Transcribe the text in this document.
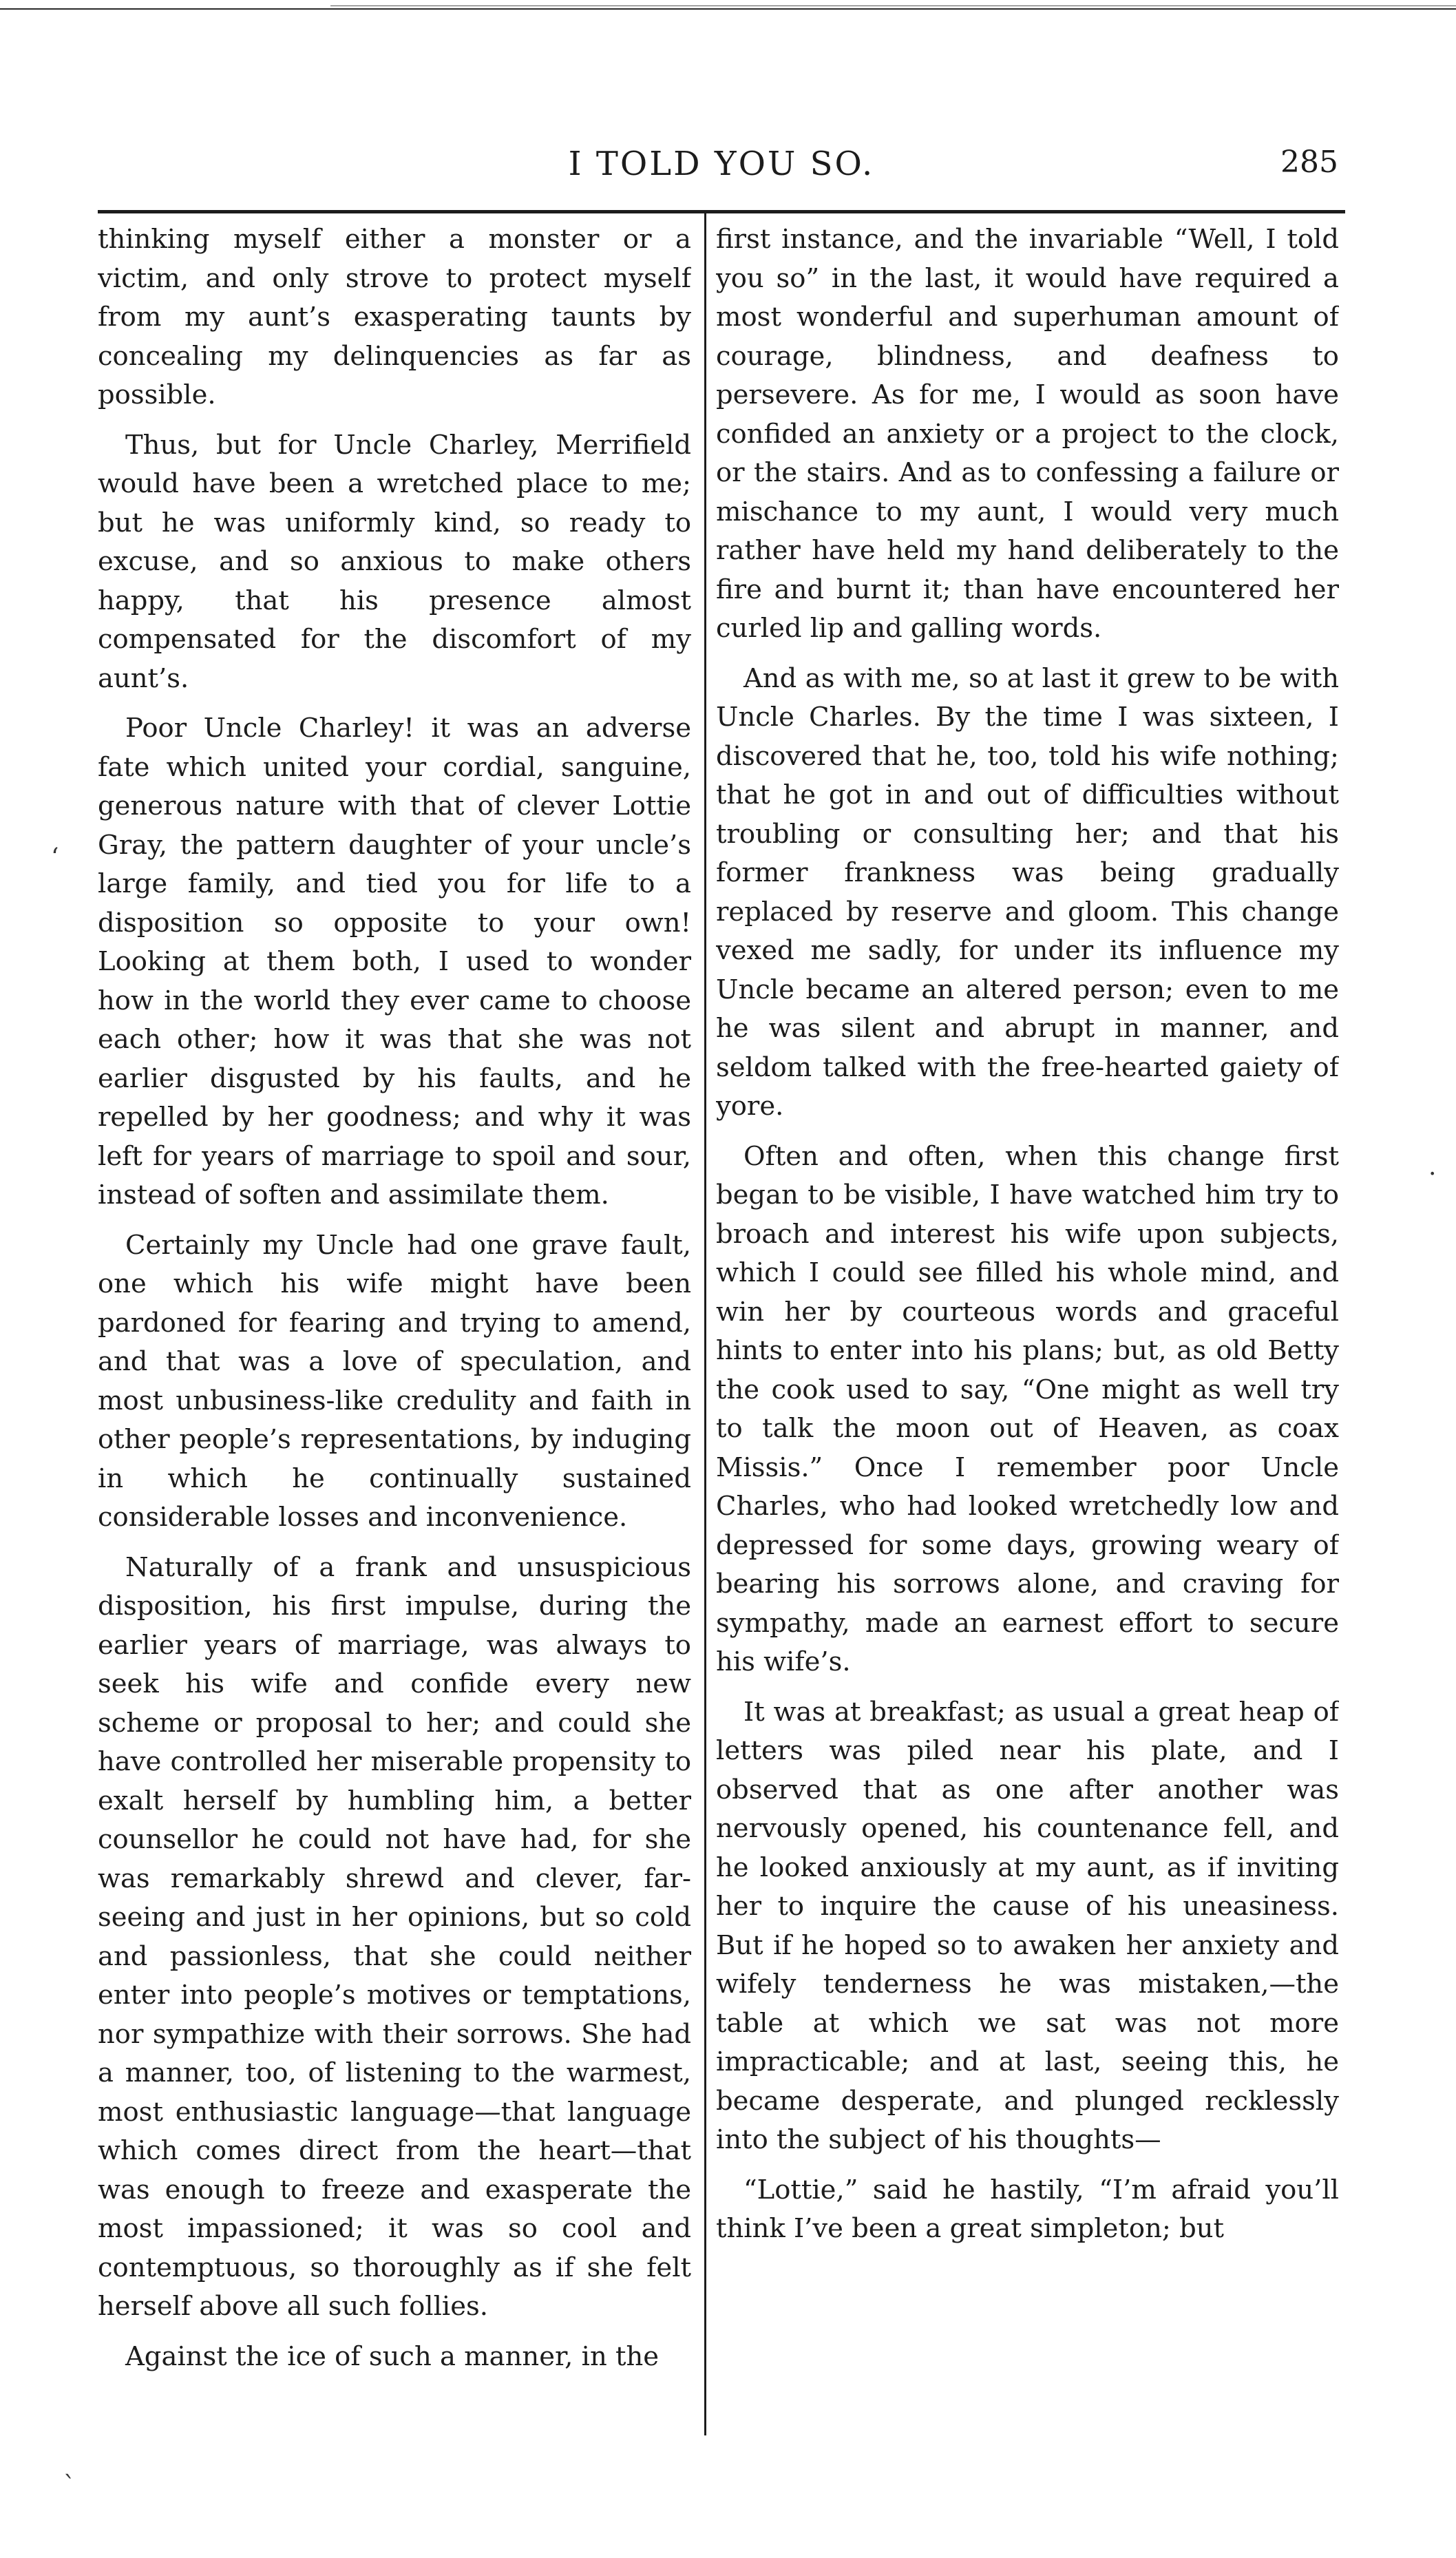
I TOLD YOU SO.	285

thinking myself either a monster or a victim, and only strove to protect myself from my aunt’s exasperating taunts by concealing my delinquencies as far as possible.

Thus, but for Uncle Charley, Merrifield would have been a wretched place to me; but he was uniformly kind, so ready to excuse, and so anxious to make others happy, that his presence almost compensated for the discomfort of my aunt’s.

Poor Uncle Charley! it was an adverse fate which united your cordial, sanguine, generous nature with that of clever Lottie Gray, the pattern daughter of your uncle’s large family, and tied you for life to a disposition so opposite to your own! Looking at them both, I used to wonder how in the world they ever came to choose each other; how it was that she was not earlier disgusted by his faults, and he repelled by her goodness; and why it was left for years of marriage to spoil and sour, instead of soften and assimilate them.

Certainly my Uncle had one grave fault, one which his wife might have been pardoned for fearing and trying to amend, and that was a love of speculation, and most unbusiness-like credulity and faith in other people’s representations, by induging in which he continually sustained considerable losses and inconvenience.

Naturally of a frank and unsuspicious disposition, his first impulse, during the earlier years of marriage, was always to seek his wife and confide every new scheme or proposal to her; and could she have controlled her miserable propensity to exalt herself by humbling him, a better counsellor he could not have had, for she was remarkably shrewd and clever, far-seeing and just in her opinions, but so cold and passionless, that she could neither enter into people’s motives or temptations, nor sympathize with their sorrows. She had a manner, too, of listening to the warmest, most enthusiastic language—that language which comes direct from the heart—that was enough to freeze and exasperate the most impassioned; it was so cool and contemptuous, so thoroughly as if she felt herself above all such follies.

Against the ice of such a manner, in the

first instance, and the invariable “Well, I told you so” in the last, it would have required a most wonderful and superhuman amount of courage, blindness, and deafness to persevere. As for me, I would as soon have confided an anxiety or a project to the clock, or the stairs. And as to confessing a failure or mischance to my aunt, I would very much rather have held my hand deliberately to the fire and burnt it; than have encountered her curled lip and galling words.

And as with me, so at last it grew to be with Uncle Charles. By the time I was sixteen, I discovered that he, too, told his wife nothing; that he got in and out of difficulties without troubling or consulting her; and that his former frankness was being gradually replaced by reserve and gloom. This change vexed me sadly, for under its influence my Uncle became an altered person; even to me he was silent and abrupt in manner, and seldom talked with the free-hearted gaiety of yore.

Often and often, when this change first began to be visible, I have watched him try to broach and interest his wife upon subjects, which I could see filled his whole mind, and win her by courteous words and graceful hints to enter into his plans; but, as old Betty the cook used to say, “One might as well try to talk the moon out of Heaven, as coax Missis.” Once I remember poor Uncle Charles, who had looked wretchedly low and depressed for some days, growing weary of bearing his sorrows alone, and craving for sympathy, made an earnest effort to secure his wife’s.

It was at breakfast; as usual a great heap of letters was piled near his plate, and I observed that as one after another was nervously opened, his countenance fell, and he looked anxiously at my aunt, as if inviting her to inquire the cause of his uneasiness. But if he hoped so to awaken her anxiety and wifely tenderness he was mistaken,—the table at which we sat was not more impracticable; and at last, seeing this, he became desperate, and plunged recklessly into the subject of his thoughts—

“Lottie,” said he hastily, “I’m afraid you’ll think I’ve been a great simpleton; but

‘
·
ˋ
